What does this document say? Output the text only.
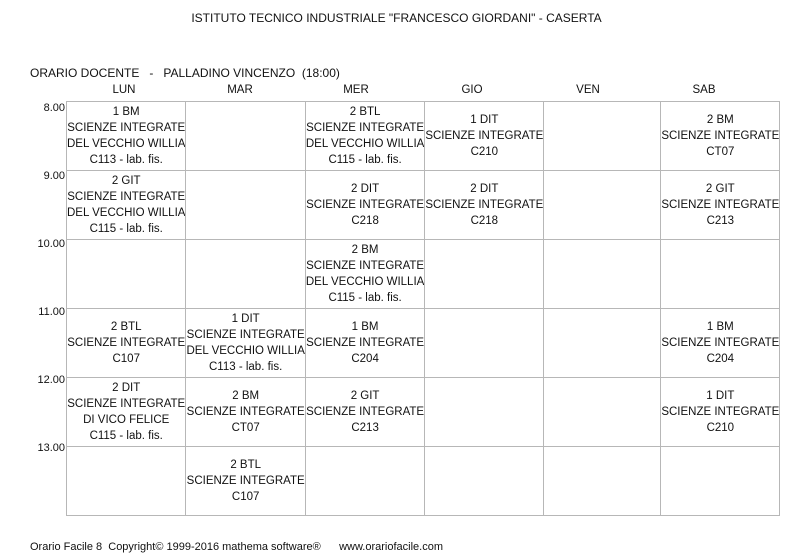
ISTITUTO TECNICO INDUSTRIALE "FRANCESCO GIORDANI" - CASERTA
ORARIO DOCENTE - PALLADINO VINCENZO (18:00)
LUN	MAR	MER	GIO	VEN	SAB
8.00
9.00
10.00
11.00
12.00
13.00
1 BM
SCIENZE INTEGRATE
DEL VECCHIO WILLIA
C113 - lab. fis.		2 BTL
SCIENZE INTEGRATE
DEL VECCHIO WILLIA
C115 - lab. fis.	1 DIT
SCIENZE INTEGRATE
C210		2 BM
SCIENZE INTEGRATE
CT07

2 GIT
SCIENZE INTEGRATE
DEL VECCHIO WILLIA
C115 - lab. fis.		2 DIT
SCIENZE INTEGRATE
C218	2 DIT
SCIENZE INTEGRATE
C218		2 GIT
SCIENZE INTEGRATE
C213

		2 BM
SCIENZE INTEGRATE
DEL VECCHIO WILLIA
C115 - lab. fis.			

2 BTL
SCIENZE INTEGRATE
C107	1 DIT
SCIENZE INTEGRATE
DEL VECCHIO WILLIA
C113 - lab. fis.	1 BM
SCIENZE INTEGRATE
C204			1 BM
SCIENZE INTEGRATE
C204

2 DIT
SCIENZE INTEGRATE
DI VICO FELICE
C115 - lab. fis.	2 BM
SCIENZE INTEGRATE
CT07	2 GIT
SCIENZE INTEGRATE
C213			1 DIT
SCIENZE INTEGRATE
C210

	2 BTL
SCIENZE INTEGRATE
C107				

Orario Facile 8  Copyright© 1999-2016 mathema software® www.orariofacile.com
